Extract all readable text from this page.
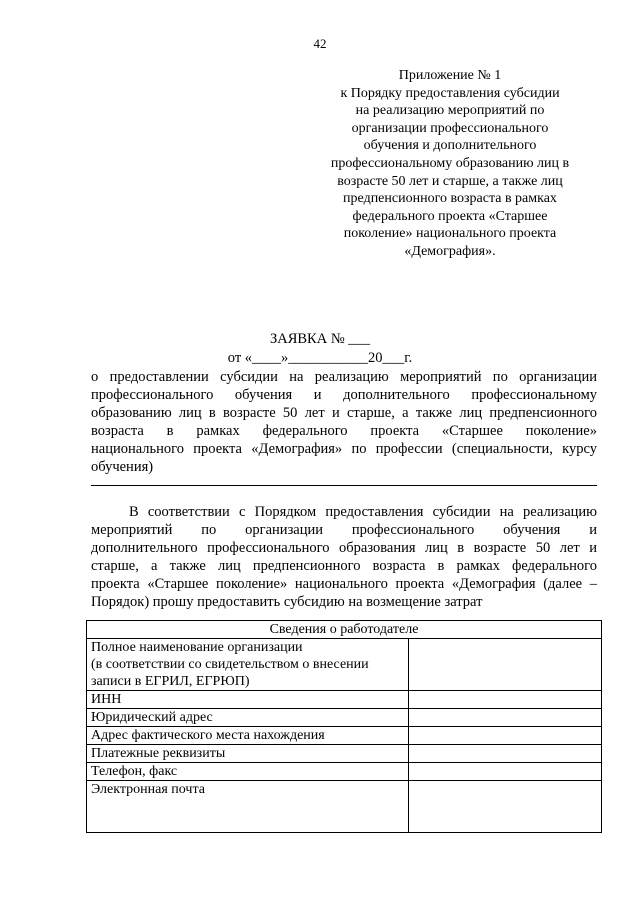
42
Приложение № 1
к Порядку предоставления субсидии
на реализацию мероприятий по
организации профессионального
обучения и дополнительного
профессиональному образованию лиц в
возрасте 50 лет и старше, а также лиц
предпенсионного возраста в рамках
федерального проекта «Старшее
поколение» национального проекта
«Демография».
ЗАЯВКА № ___
от «____»___________20___г.
о предоставлении субсидии на реализацию мероприятий по организации
профессионального обучения и дополнительного профессиональному
образованию лиц в возрасте 50 лет и старше, а также лиц предпенсионного
возраста в рамках федерального проекта «Старшее поколение»
национального проекта «Демография» по профессии (специальности, курсу
обучения)
В соответствии с Порядком предоставления субсидии на реализацию
мероприятий по организации профессионального обучения и
дополнительного профессионального образования лиц в возрасте 50 лет и
старше, а также лиц предпенсионного возраста в рамках федерального
проекта «Старшее поколение» национального проекта «Демография (далее –
Порядок) прошу предоставить субсидию на возмещение затрат
Сведения о работодателе	

Полное наименование организации
(в соответствии со свидетельством о внесении
записи в ЕГРИЛ, ЕГРЮП)	

ИНН	
Юридический адрес	
Адрес фактического места нахождения	
Платежные реквизиты	
Телефон, факс	
Электронная почта	
